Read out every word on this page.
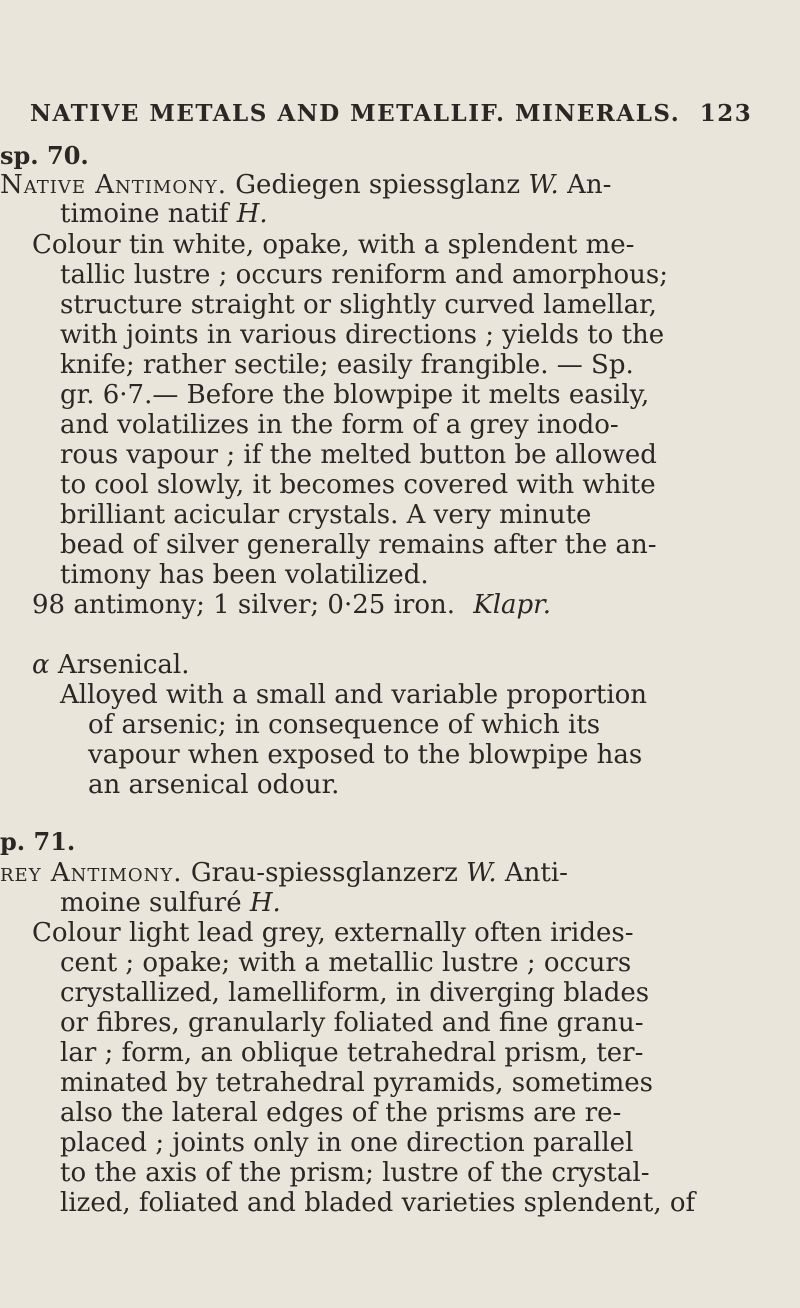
NATIVE METALS AND METALLIF. MINERALS. 123
sp. 70.
Native Antimony. Gediegen spiessglanz W. An-
timoine natif H.
Colour tin white, opake, with a splendent me-
tallic lustre ; occurs reniform and amorphous;
structure straight or slightly curved lamellar,
with joints in various directions ; yields to the
knife; rather sectile; easily frangible. — Sp.
gr. 6·7.— Before the blowpipe it melts easily,
and volatilizes in the form of a grey inodo-
rous vapour ; if the melted button be allowed
to cool slowly, it becomes covered with white
brilliant acicular crystals. A very minute
bead of silver generally remains after the an-
timony has been volatilized.
98 antimony; 1 silver; 0·25 iron. Klapr.
α Arsenical.
Alloyed with a small and variable proportion
of arsenic; in consequence of which its
vapour when exposed to the blowpipe has
an arsenical odour.
p. 71.
rey Antimony. Grau-spiessglanzerz W. Anti-
moine sulfuré H.
Colour light lead grey, externally often irides-
cent ; opake; with a metallic lustre ; occurs
crystallized, lamelliform, in diverging blades
or fibres, granularly foliated and fine granu-
lar ; form, an oblique tetrahedral prism, ter-
minated by tetrahedral pyramids, sometimes
also the lateral edges of the prisms are re-
placed ; joints only in one direction parallel
to the axis of the prism; lustre of the crystal-
lized, foliated and bladed varieties splendent, of
